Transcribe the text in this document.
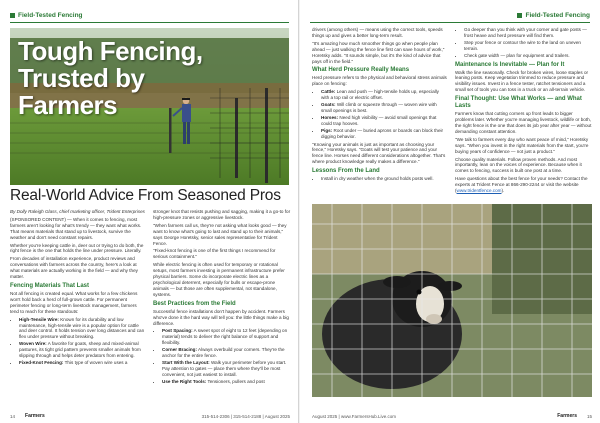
Field-Tested Fencing
Tough Fencing,
Trusted by
Farmers
Real-World Advice From Seasoned Pros

By Dolly Raleigh Glass, chief marketing officer, Trident Enterprises

(SPONSORED CONTENT) — When it comes to fencing, most farmers aren't looking for what's trendy — they want what works. That means materials that stand up to livestock, survive the weather and don't need constant repairs.

Whether you're keeping cattle in, deer out or trying to do both, the right fence is the one that holds the line under pressure. Literally.

From decades of installation experience, product reviews and conversations with farmers across the country, here's a look at what materials are actually working in the field — and why they matter.

Fencing Materials That Last

Not all fencing is created equal. What works for a few chickens won't hold back a herd of full-grown cattle. For permanent perimeter fencing or long-term livestock management, farmers tend to reach for these standouts:

• High-Tensile Wire: Known for its durability and low maintenance, high-tensile wire is a popular option for cattle and deer control. It holds tension over long distances and can flex under pressure without breaking.
• Woven Wire: A favorite for goats, sheep and mixed-animal pastures, its tight grid pattern prevents smaller animals from slipping through and helps deter predators from entering.
• Fixed-Knot Fencing: This type of woven wire uses a

stronger knot that resists pushing and sagging, making it a go-to for high-pressure zones or aggressive livestock.

"When farmers call us, they're not asking what looks good — they want to know what's going to last and stand up to their animals," says George Horetsky, senior sales representative for Trident Fence.

"Fixed-knot fencing is one of the first things I recommend for serious containment."

While electric fencing is often used for temporary or rotational setups, most farmers investing in permanent infrastructure prefer physical barriers. Some do incorporate electric lines as a psychological deterrent, especially for bulls or escape-prone animals — but those are often supplemental, not standalone, systems.

Best Practices from the Field

Successful fence installations don't happen by accident. Farmers who've done it the hard way will tell you: the little things make a big difference.

• Post Spacing: A sweet spot of eight to 12 feet (depending on material) tends to deliver the right balance of support and flexibility.
• Corner Bracing: Always overbuild your corners. They're the anchor for the entire fence.
• Start With the Layout: Walk your perimeter before you start. Pay attention to gates — place them where they'll be most convenient, not just easiest to install.
• Use the Right Tools: Tensioners, pullers and post
14 Farmers	315-514-2306 | 315-514-2188 | August 2025
Field-Tested Fencing

drivers (among others) — means using the correct tools, speeds things up and gives a better long-term result.

"It's amazing how much smoother things go when people plan ahead — just walking the fence line first can save hours of work," Horetsky adds. "It sounds simple, but it's the kind of advice that pays off in the field."

What Herd Pressure Really Means

Herd pressure refers to the physical and behavioral stress animals place on fencing:

• Cattle: Lean and push — high-tensile holds up, especially with a top rail or electric offset.
• Goats: Will climb or squeeze through — woven wire with small openings is best.
• Horses: Need high visibility — avoid small openings that could trap hooves.
• Pigs: Root under — buried aprons or boards can block their digging behavior.

"Knowing your animals is just as important as choosing your fence," Horetsky says. "Goats will test your patience and your fence line. Horses need different considerations altogether. That's where product knowledge really makes a difference."

Lessons From the Land
• Install in dry weather when the ground holds posts well.
• Go deeper than you think with your corner and gate posts — frost heave and herd pressure will find them.
• Step your fence or contour the wire to the land on uneven terrain.
• Check gate width — plan for equipment and trailers.
Maintenance Is Inevitable — Plan for It

Walk the line seasonally. Check for broken wires, loose staples or leaning posts. Keep vegetation trimmed to reduce pressure and visibility issues. Invest in a fence tester, ratchet tensioners and a small set of tools you can toss in a truck or an all-terrain vehicle.

Final Thought: Use What Works — and What Lasts

Farmers know that cutting corners up front leads to bigger problems later. Whether you're managing livestock, wildlife or both, the right fence is the one that does its job year after year — without demanding constant attention.

"We talk to farmers every day who want peace of mind," Horetsky says. "When you invest in the right materials from the start, you're buying years of confidence — not just a product."

Choose quality materials. Follow proven methods. And most importantly, lean on the voices of experience. Because when it comes to fencing, success is built one post at a time.

Have questions about the best fence for your needs? Contact the experts at Trident Fence at 866-290-2244 or visit the website (www.tridentfence.com).

August 2025 | www.FarmersHub.Live.com	Farmers 15
